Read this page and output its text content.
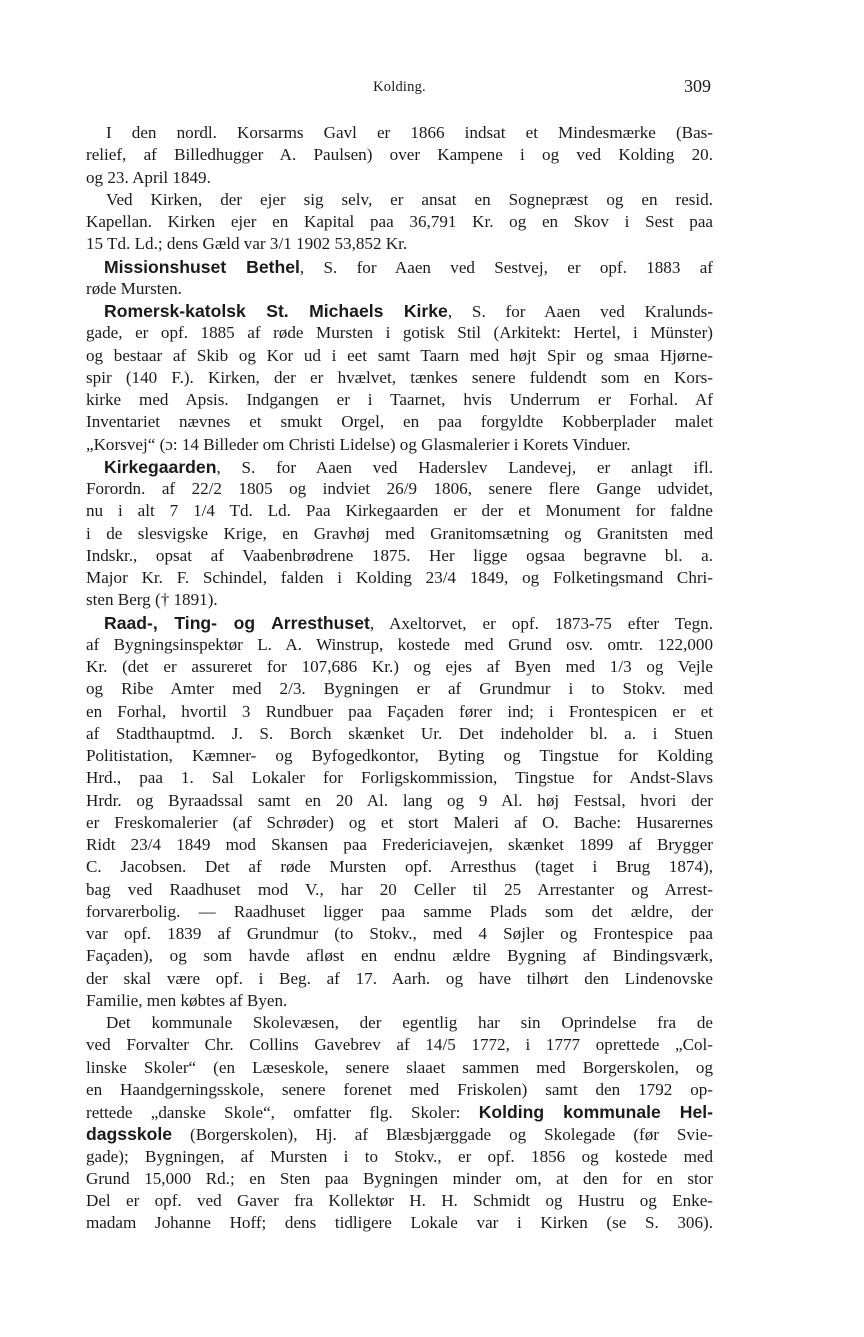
Kolding.	309
I den nordl. Korsarms Gavl er 1866 indsat et Mindesmærke (Bas-
relief, af Billedhugger A. Paulsen) over Kampene i og ved Kolding 20.
og 23. April 1849.
Ved Kirken, der ejer sig selv, er ansat en Sognepræst og en resid.
Kapellan. Kirken ejer en Kapital paa 36,791 Kr. og en Skov i Sest paa
15 Td. Ld.; dens Gæld var 3/1 1902 53,852 Kr.
Missionshuset Bethel, S. for Aaen ved Sestvej, er opf. 1883 af
røde Mursten.
Romersk-katolsk St. Michaels Kirke, S. for Aaen ved Kralunds-
gade, er opf. 1885 af røde Mursten i gotisk Stil (Arkitekt: Hertel, i Münster)
og bestaar af Skib og Kor ud i eet samt Taarn med højt Spir og smaa Hjørne-
spir (140 F.). Kirken, der er hvælvet, tænkes senere fuldendt som en Kors-
kirke med Apsis. Indgangen er i Taarnet, hvis Underrum er Forhal. Af
Inventariet nævnes et smukt Orgel, en paa forgyldte Kobberplader malet
„Korsvej“ (ɔ: 14 Billeder om Christi Lidelse) og Glasmalerier i Korets Vinduer.
Kirkegaarden, S. for Aaen ved Haderslev Landevej, er anlagt ifl.
Forordn. af 22/2 1805 og indviet 26/9 1806, senere flere Gange udvidet,
nu i alt 7 1/4 Td. Ld. Paa Kirkegaarden er der et Monument for faldne
i de slesvigske Krige, en Gravhøj med Granitomsætning og Granitsten med
Indskr., opsat af Vaabenbrødrene 1875. Her ligge ogsaa begravne bl. a.
Major Kr. F. Schindel, falden i Kolding 23/4 1849, og Folketingsmand Chri-
sten Berg († 1891).
Raad-, Ting- og Arresthuset, Axeltorvet, er opf. 1873-75 efter Tegn.
af Bygningsinspektør L. A. Winstrup, kostede med Grund osv. omtr. 122,000
Kr. (det er assureret for 107,686 Kr.) og ejes af Byen med 1/3 og Vejle
og Ribe Amter med 2/3. Bygningen er af Grundmur i to Stokv. med
en Forhal, hvortil 3 Rundbuer paa Façaden fører ind; i Frontespicen er et
af Stadthauptmd. J. S. Borch skænket Ur. Det indeholder bl. a. i Stuen
Politistation, Kæmner- og Byfogedkontor, Byting og Tingstue for Kolding
Hrd., paa 1. Sal Lokaler for Forligskommission, Tingstue for Andst-Slavs
Hrdr. og Byraadssal samt en 20 Al. lang og 9 Al. høj Festsal, hvori der
er Freskomalerier (af Schrøder) og et stort Maleri af O. Bache: Husarernes
Ridt 23/4 1849 mod Skansen paa Fredericiavejen, skænket 1899 af Brygger
C. Jacobsen. Det af røde Mursten opf. Arresthus (taget i Brug 1874),
bag ved Raadhuset mod V., har 20 Celler til 25 Arrestanter og Arrest-
forvarerbolig. — Raadhuset ligger paa samme Plads som det ældre, der
var opf. 1839 af Grundmur (to Stokv., med 4 Søjler og Frontespice paa
Façaden), og som havde afløst en endnu ældre Bygning af Bindingsværk,
der skal være opf. i Beg. af 17. Aarh. og have tilhørt den Lindenovske
Familie, men købtes af Byen.
Det kommunale Skolevæsen, der egentlig har sin Oprindelse fra de
ved Forvalter Chr. Collins Gavebrev af 14/5 1772, i 1777 oprettede „Col-
linske Skoler“ (en Læseskole, senere slaaet sammen med Borgerskolen, og
en Haandgerningsskole, senere forenet med Friskolen) samt den 1792 op-
rettede „danske Skole“, omfatter flg. Skoler: Kolding kommunale Hel-
dagsskole (Borgerskolen), Hj. af Blæsbjærggade og Skolegade (før Svie-
gade); Bygningen, af Mursten i to Stokv., er opf. 1856 og kostede med
Grund 15,000 Rd.; en Sten paa Bygningen minder om, at den for en stor
Del er opf. ved Gaver fra Kollektør H. H. Schmidt og Hustru og Enke-
madam Johanne Hoff; dens tidligere Lokale var i Kirken (se S. 306).
